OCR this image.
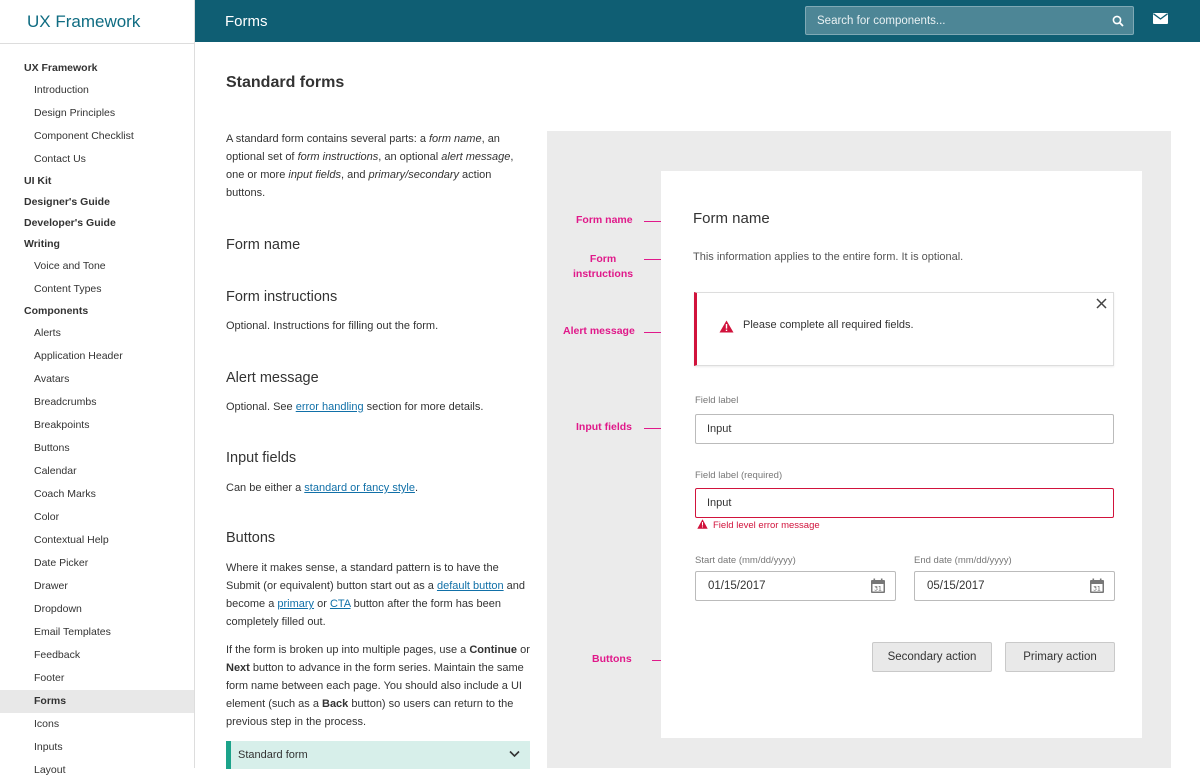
UX Framework
UX Framework
Introduction
Design Principles
Component Checklist
Contact Us
UI Kit
Designer's Guide
Developer's Guide
Writing
Voice and Tone
Content Types
Components
Alerts
Application Header
Avatars
Breadcrumbs
Breakpoints
Buttons
Calendar
Coach Marks
Color
Contextual Help
Date Picker
Drawer
Dropdown
Email Templates
Feedback
Footer
Forms
Icons
Inputs
Layout
Forms	Search for components...
Standard forms
A standard form contains several parts: a form name, an optional set of form instructions, an optional alert message, one or more input fields, and primary/secondary action buttons.
Form name
Form instructions
Optional. Instructions for filling out the form.
Alert message
Optional. See error handling section for more details.
Input fields
Can be either a standard or fancy style.
Buttons
Where it makes sense, a standard pattern is to have the Submit (or equivalent) button start out as a default button and become a primary or CTA button after the form has been completely filled out.
If the form is broken up into multiple pages, use a Continue or Next button to advance in the form series. Maintain the same form name between each page. You should also include a UI element (such as a Back button) so users can return to the previous step in the process.
Standard form
Form name
Form
instructions
Alert message
Input fields
Buttons
Form name
This information applies to the entire form. It is optional.
Please complete all required fields.
Field label
Input
Field label (required)
Input
Field level error message
Start date (mm/dd/yyyy)
01/15/2017	31
End date (mm/dd/yyyy)
05/15/2017	31
Secondary action	Primary action
